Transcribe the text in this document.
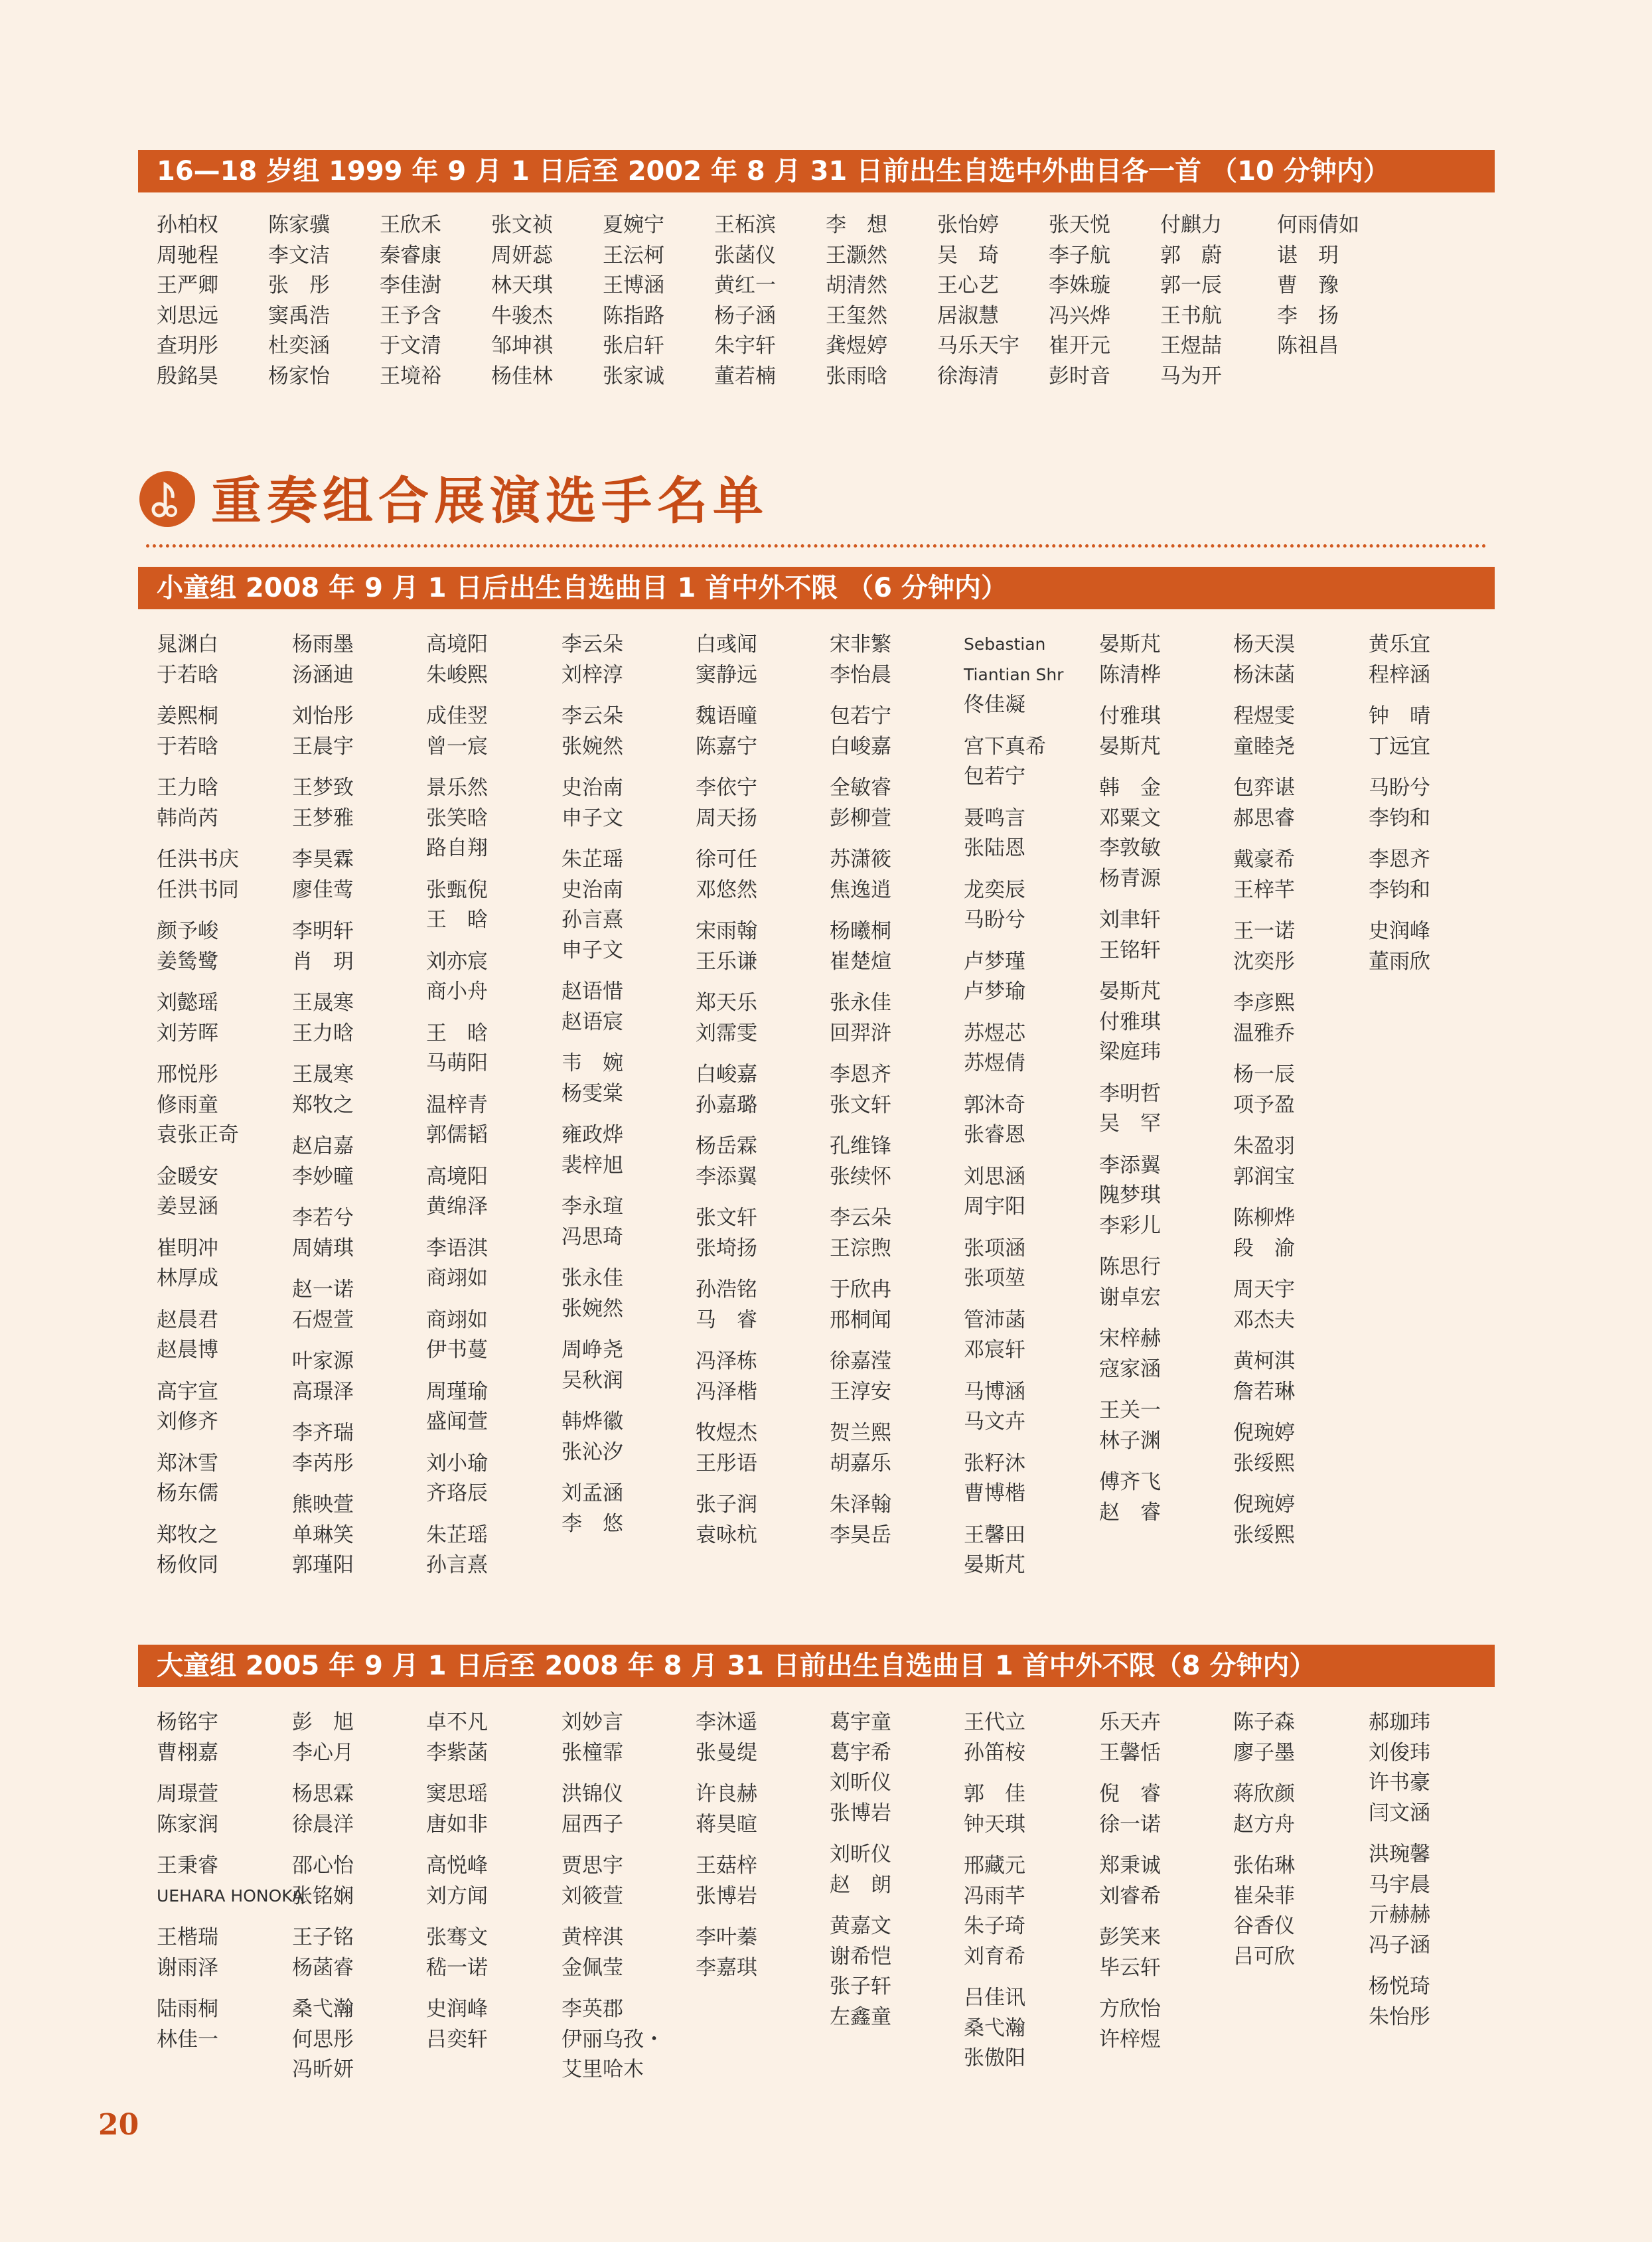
16—18 岁组 1999 年 9 月 1 日后至 2002 年 8 月 31 日前出生自选中外曲目各一首 （10 分钟内）
孙柏权
周驰程
王严卿
刘思远
查玥彤
殷銘昊
陈家骥
李文洁
张　彤
窦禹浩
杜奕涵
杨家怡
王欣禾
秦睿康
李佳澍
王予含
于文清
王境裕
张文祯
周妍蕊
林天琪
牛骏杰
邹坤祺
杨佳林
夏婉宁
王沄柯
王博涵
陈指路
张启轩
张家诚
王柘滨
张菡仪
黄红一
杨子涵
朱宇轩
董若楠
李　想
王灏然
胡清然
王玺然
龚煜婷
张雨晗
张怡婷
吴　琦
王心艺
居淑慧
马乐天宇
徐海清
张天悦
李子航
李姝璇
冯兴烨
崔开元
彭时音
付麒力
郭　蔚
郭一辰
王书航
王煜喆
马为开
何雨倩如
谌　玥
曹　豫
李　扬
陈祖昌
重奏组合展演选手名单
小童组 2008 年 9 月 1 日后出生自选曲目 1 首中外不限 （6 分钟内）
晁渊白
于若晗
姜熙桐
于若晗
王力晗
韩尚芮
任洪书庆
任洪书同
颜予峻
姜鸶鹭
刘懿瑶
刘芳晖
邢悦彤
修雨童
袁张正奇
金暖安
姜昱涵
崔明冲
林厚成
赵晨君
赵晨博
高宇宣
刘修齐
郑沐雪
杨东儒
郑牧之
杨攸同
杨雨墨
汤涵迪
刘怡彤
王晨宇
王梦致
王梦雅
李昊霖
廖佳莺
李明轩
肖　玥
王晟寒
王力晗
王晟寒
郑牧之
赵启嘉
李妙曈
李若兮
周婧琪
赵一诺
石煜萱
叶家源
高璟泽
李齐瑞
李芮彤
熊映萱
单琳笑
郭瑾阳
高境阳
朱峻熙
成佳翌
曾一宸
景乐然
张笑晗
路自翔
张甄倪
王　晗
刘亦宸
商小舟
王　晗
马萌阳
温梓青
郭儒韬
高境阳
黄绵泽
李语淇
商翊如
商翊如
伊书蔓
周瑾瑜
盛闻萱
刘小瑜
齐珞辰
朱芷瑶
孙言熹
李云朵
刘梓淳
李云朵
张婉然
史治南
申子文
朱芷瑶
史治南
孙言熹
申子文
赵语惜
赵语宸
韦　婉
杨雯棠
雍政烨
裴梓旭
李永瑄
冯思琦
张永佳
张婉然
周峥尧
吴秋润
韩烨徽
张沁汐
刘孟涵
李　悠
白彧闻
窦静远
魏语曈
陈嘉宁
李依宁
周天扬
徐可任
邓悠然
宋雨翰
王乐谦
郑天乐
刘霈雯
白峻嘉
孙嘉璐
杨岳霖
李添翼
张文轩
张埼扬
孙浩铭
马　睿
冯泽栋
冯泽楷
牧煜杰
王彤语
张子润
袁咏杭
宋非繁
李怡晨
包若宁
白峻嘉
全敏睿
彭柳萱
苏潇筱
焦逸逍
杨曦桐
崔楚煊
张永佳
回羿浒
李恩齐
张文轩
孔维锋
张续怀
李云朵
王淙煦
于欣冉
邢桐闻
徐嘉滢
王淳安
贺兰熙
胡嘉乐
朱泽翰
李昊岳
Sebastian
Tiantian Shr
佟佳凝
宫下真希
包若宁
聂鸣言
张陆恩
龙奕辰
马盼兮
卢梦瑾
卢梦瑜
苏煜芯
苏煜倩
郭沐奇
张睿恩
刘思涵
周宇阳
张项涵
张项堃
管沛菡
邓宸轩
马博涵
马文卉
张籽沐
曹博楷
王馨田
晏斯芃
晏斯芃
陈清桦
付雅琪
晏斯芃
韩　金
邓粟文
李敦敏
杨青源
刘聿轩
王铭轩
晏斯芃
付雅琪
梁庭玮
李明哲
吴　罕
李添翼
隗梦琪
李彩儿
陈思行
谢卓宏
宋梓赫
寇家涵
王关一
林子渊
傅齐飞
赵　睿
杨天淏
杨沫菡
程煜雯
童睦尧
包弈谌
郝思睿
戴豪希
王梓芊
王一诺
沈奕彤
李彦熙
温雅乔
杨一辰
项予盈
朱盈羽
郭润宝
陈柳烨
段　渝
周天宇
邓杰夫
黄柯淇
詹若琳
倪琬婷
张绥熙
倪琬婷
张绥熙
黄乐宜
程梓涵
钟　晴
丁远宜
马盼兮
李钧和
李恩齐
李钧和
史润峰
董雨欣
大童组 2005 年 9 月 1 日后至 2008 年 8 月 31 日前出生自选曲目 1 首中外不限（8 分钟内）
杨铭宇
曹栩嘉
周璟萱
陈家润
王秉睿
UEHARA HONOKA
王楷瑞
谢雨泽
陆雨桐
林佳一
彭　旭
李心月
杨思霖
徐晨洋
邵心怡
张铭娴
王子铭
杨菡睿
桑弋瀚
何思彤
冯昕妍
卓不凡
李紫菡
窦思瑶
唐如非
高悦峰
刘方闻
张骞文
嵇一诺
史润峰
吕奕轩
刘妙言
张橦霏
洪锦仪
屈西子
贾思宇
刘筱萱
黄梓淇
金佩莹
李英郡
伊丽乌孜・
艾里哈木
李沐遥
张曼缇
许良赫
蒋昊暄
王菇梓
张博岩
李叶蓁
李嘉琪
葛宇童
葛宇希
刘昕仪
张博岩
刘昕仪
赵　朗
黄嘉文
谢希恺
张子轩
左鑫童
王代立
孙笛桉
郭　佳
钟天琪
邢藏元
冯雨芊
朱子琦
刘育希
吕佳讯
桑弋瀚
张傲阳
乐天卉
王馨恬
倪　睿
徐一诺
郑秉诚
刘睿希
彭笑来
毕云轩
方欣怡
许梓煜
陈子森
廖子墨
蒋欣颜
赵方舟
张佑琳
崔朵菲
谷香仪
吕可欣
郝珈玮
刘俊玮
许书豪
闫文涵
洪琬馨
马宇晨
亓赫赫
冯子涵
杨悦琦
朱怡彤
20
